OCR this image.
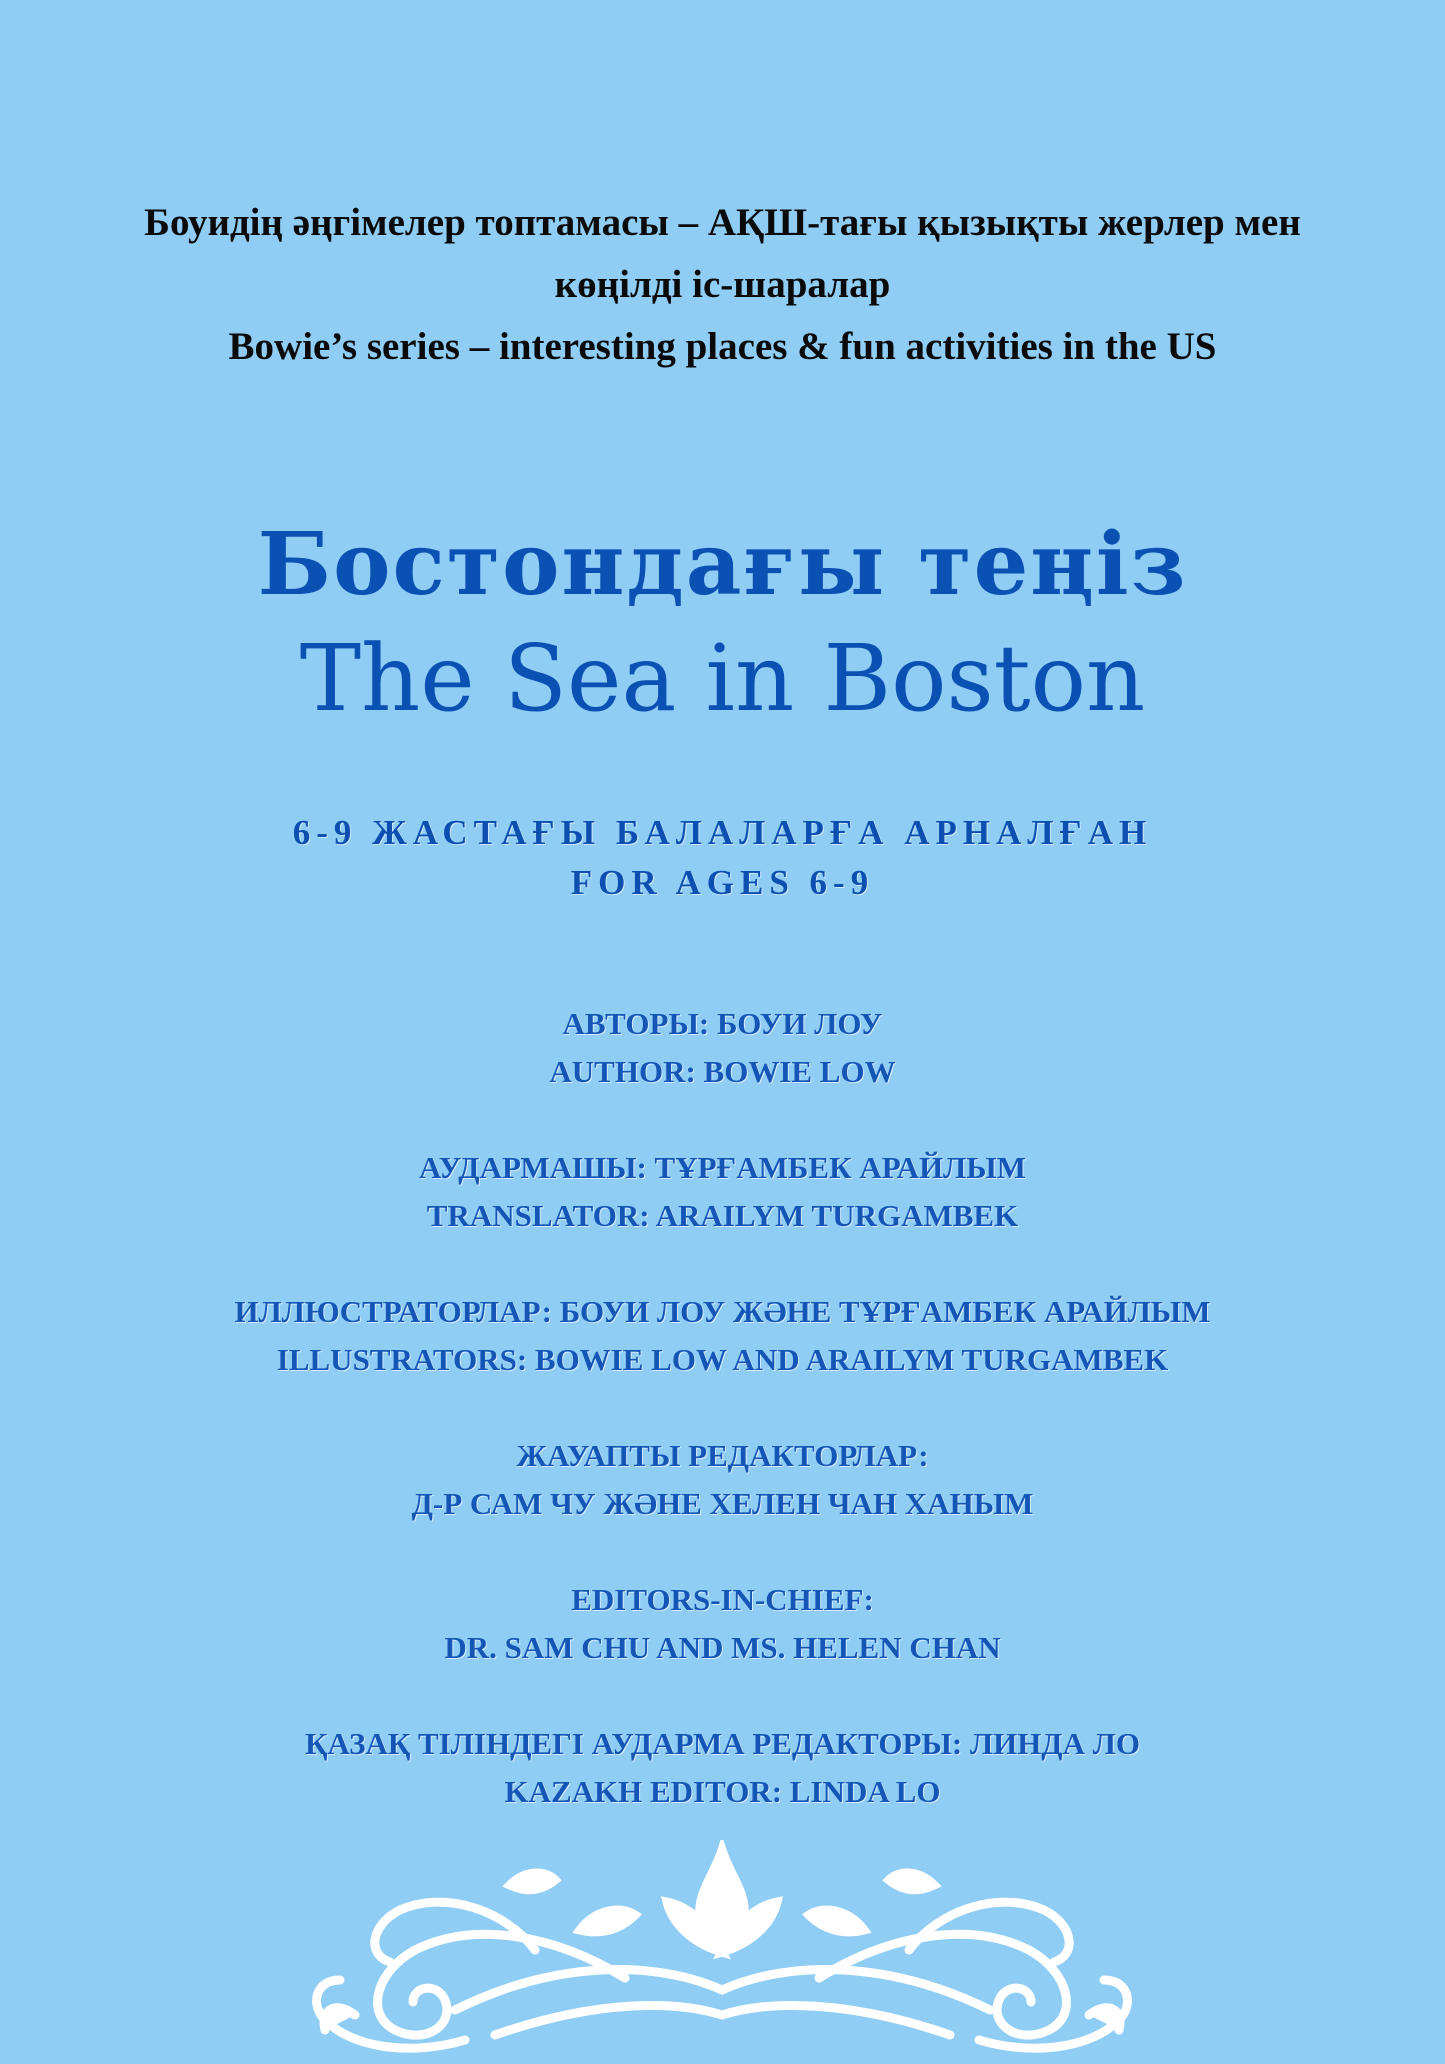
Боуидің әңгімелер топтамасы – АҚШ-тағы қызықты жерлер мен
көңілді іс-шаралар
Bowie’s series – interesting places & fun activities in the US
Бостондағы теңіз
The Sea in Boston
6-9 ЖАСТАҒЫ БАЛАЛАРҒА АРНАЛҒАН
FOR AGES 6-9
АВТОРЫ: БОУИ ЛОУ
AUTHOR: BOWIE LOW
АУДАРМАШЫ: ТҰРҒАМБЕК АРАЙЛЫМ
TRANSLATOR: ARAILYM TURGAMBEK
ИЛЛЮСТРАТОРЛАР: БОУИ ЛОУ ЖӘНЕ ТҰРҒАМБЕК АРАЙЛЫМ
ILLUSTRATORS: BOWIE LOW AND ARAILYM TURGAMBEK
ЖАУАПТЫ РЕДАКТОРЛАР:
Д-Р САМ ЧУ ЖӘНЕ ХЕЛЕН ЧАН ХАНЫМ
EDITORS-IN-CHIEF:
DR. SAM CHU AND MS. HELEN CHAN
ҚАЗАҚ ТІЛІНДЕГІ АУДАРМА РЕДАКТОРЫ: ЛИНДА ЛО
KAZAKH EDITOR: LINDA LO
